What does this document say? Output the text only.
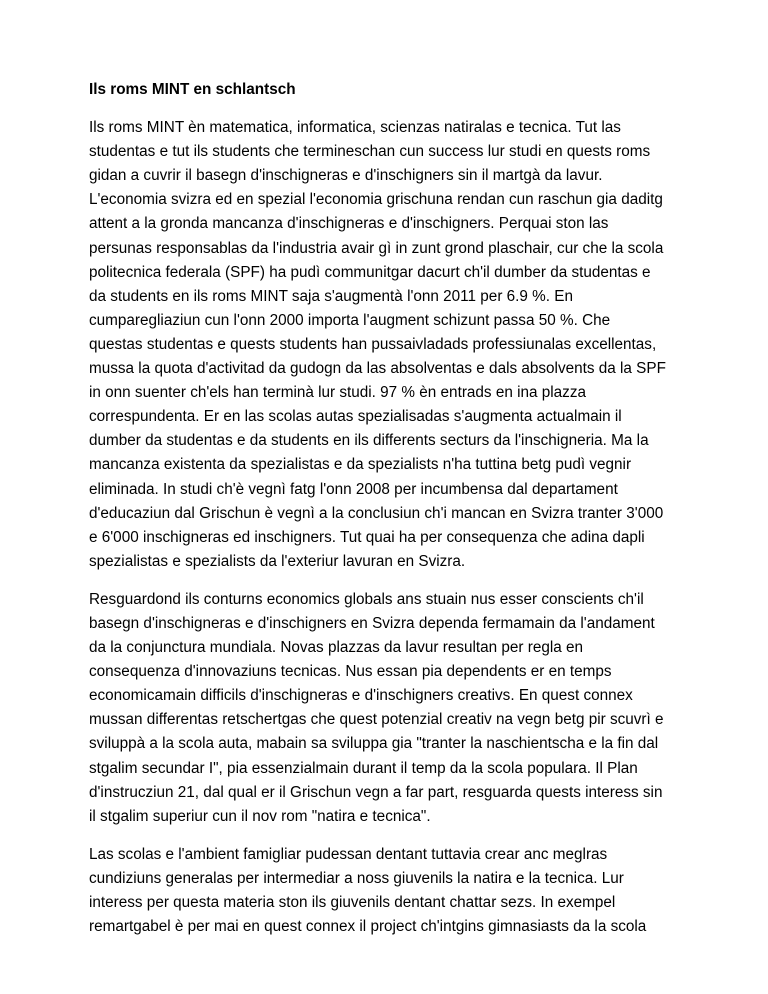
Ils roms MINT en schlantsch
Ils roms MINT èn matematica, informatica, scienzas natiralas e tecnica. Tut las
studentas e tut ils students che termineschan cun success lur studi en quests roms
gidan a cuvrir il basegn d'inschigneras e d'inschigners sin il martgà da lavur.
L'economia svizra ed en spezial l'economia grischuna rendan cun raschun gia daditg
attent a la gronda mancanza d'inschigneras e d'inschigners. Perquai ston las
persunas responsablas da l'industria avair gì in zunt grond plaschair, cur che la scola
politecnica federala (SPF) ha pudì communitgar dacurt ch'il dumber da studentas e
da students en ils roms MINT saja s'augmentà l'onn 2011 per 6.9 %. En
cumparegliaziun cun l'onn 2000 importa l'augment schizunt passa 50 %. Che
questas studentas e quests students han pussaivladads professiunalas excellentas,
mussa la quota d'activitad da gudogn da las absolventas e dals absolvents da la SPF
in onn suenter ch'els han terminà lur studi. 97 % èn entrads en ina plazza
correspundenta. Er en las scolas autas spezialisadas s'augmenta actualmain il
dumber da studentas e da students en ils differents secturs da l'inschigneria. Ma la
mancanza existenta da spezialistas e da spezialists n'ha tuttina betg pudì vegnir
eliminada. In studi ch'è vegnì fatg l'onn 2008 per incumbensa dal departament
d'educaziun dal Grischun è vegnì a la conclusiun ch'i mancan en Svizra tranter 3'000
e 6'000 inschigneras ed inschigners. Tut quai ha per consequenza che adina dapli
spezialistas e spezialists da l'exteriur lavuran en Svizra.
Resguardond ils conturns economics globals ans stuain nus esser conscients ch'il
basegn d'inschigneras e d'inschigners en Svizra dependa fermamain da l'andament
da la conjunctura mundiala. Novas plazzas da lavur resultan per regla en
consequenza d'innovaziuns tecnicas. Nus essan pia dependents er en temps
economicamain difficils d'inschigneras e d'inschigners creativs. En quest connex
mussan differentas retschertgas che quest potenzial creativ na vegn betg pir scuvrì e
sviluppà a la scola auta, mabain sa sviluppa gia "tranter la naschientscha e la fin dal
stgalim secundar I", pia essenzialmain durant il temp da la scola populara. Il Plan
d'instrucziun 21, dal qual er il Grischun vegn a far part, resguarda quests interess sin
il stgalim superiur cun il nov rom "natira e tecnica".
Las scolas e l'ambient famigliar pudessan dentant tuttavia crear anc meglras
cundiziuns generalas per intermediar a noss giuvenils la natira e la tecnica. Lur
interess per questa materia ston ils giuvenils dentant chattar sezs. In exempel
remartgabel è per mai en quest connex il project ch'intgins gimnasiasts da la scola
